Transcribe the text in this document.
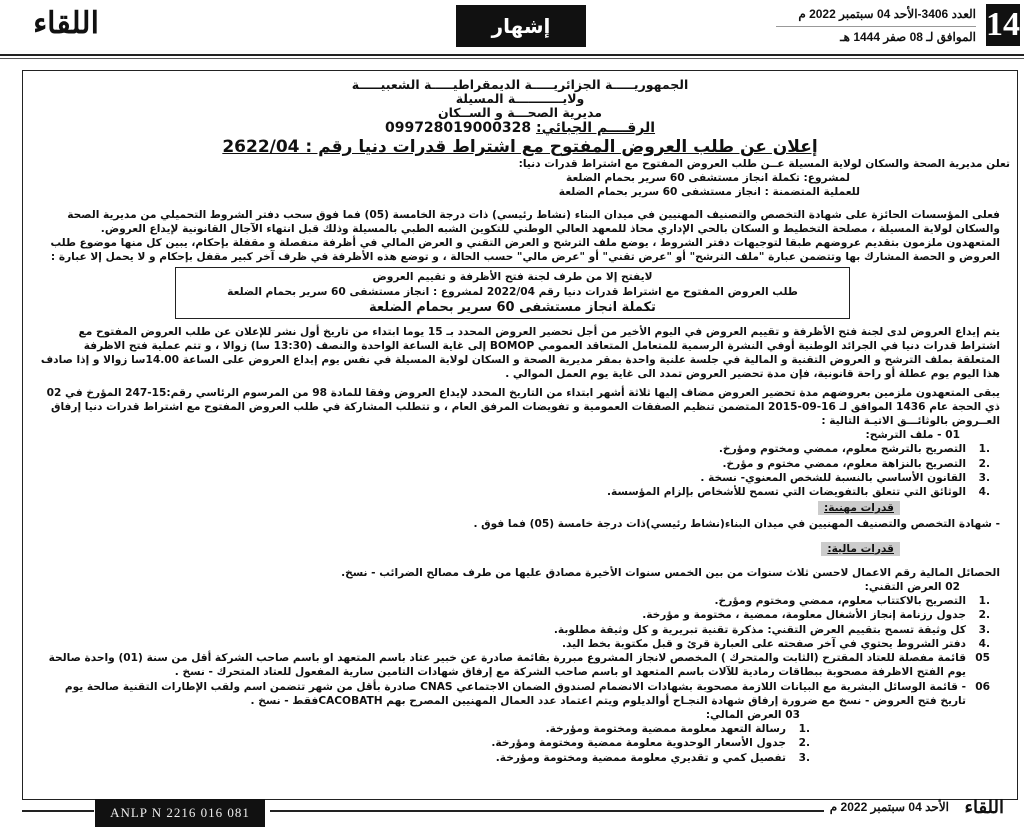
14
العدد 3406-الأحد 04 سبتمبر 2022 م
الموافق لـ 08 صفر 1444 هـ
إشهار
اللقاء
الجمهوريـــــة الجزائريـــــة الديمقراطيـــــة الشعبيـــــة
ولايـــــــــــة المسيلة
مديرية الصحـــة و الســكان
الرقــــم الجبائي: 099728019000328
إعلان عن طلب العروض المفتوح مع اشتراط قدرات دنيا رقم : 2622/04
تعلن مديرية الصحة والسكان لولاية المسيلة عــن طلب العروض المفتوح مع اشتراط قدرات دنيا:
لمشروع: تكملة انجاز مستشفى 60 سرير بحمام الضلعة
للعملية المتضمنة : انجاز مستشفى 60 سرير بحمام الضلعة
فعلى المؤسسات الحائزة على شهادة التخصص والتصنيف المهنيين في ميدان البناء (نشاط رئيسي) ذات درجة الخامسة (05) فما فوق سحب دفتر الشروط التحميلي من مديرية الصحة والسكان لولاية المسيلة ، مصلحة التخطيط و السكان بالحي الإداري محاذ للمعهد العالي الوطني للتكوين الشبه الطبي بالمسيلة وذلك قبل انتهاء الآجال القانونية لإيداع العروض.
المتعهدون ملزمون بتقديم عروضهم طبقا لتوجيهات دفتر الشروط ، يوضع ملف الترشح و العرض التقني و العرض المالي في أظرفة منفصلة و مقفلة بإحكام، يبين كل منها موضوع طلب العروض و الحصة المشارك بها وتتضمن عبارة "ملف الترشح" أو "عرض تقني" أو "عرض مالي" حسب الحالة ، و توضع هذه الأظرفة في ظرف آخر كبير مقفل بإحكام و لا يحمل إلا عبارة :
لايفتح إلا من طرف لجنة فتح الأظرفة و تقييم العروض
طلب العروض المفتوح مع اشتراط قدرات دنيا رقم 2022/04 لمشروع : انجاز مستشفى 60 سرير بحمام الضلعة
تكملة انجاز مستشفى 60 سرير بحمام الضلعة
يتم إيداع العروض لدى لجنة فتح الأظرفة و تقييم العروض في اليوم الأخير من أجل تحضير العروض المحدد بـ 15 يوما ابتداء من تاريخ أول نشر للإعلان عن طلب العروض المفتوح مع اشتراط قدرات دنيا في الجرائد الوطنية أوفي النشرة الرسمية للمتعامل المتعاقد العمومي BOMOP إلى غاية الساعة الواحدة والنصف (13:30 سا) زوالا ، و تتم عملية فتح الاظرفة المتعلقة بملف الترشح و العروض التقنية و المالية في جلسة علنية واحدة بمقر مديرية الصحة و السكان لولاية المسيلة في نفس يوم إيداع العروض على الساعة 14.00سا زوالا و إذا صادف هذا اليوم يوم عطلة أو راحة قانونية، فإن مدة تحضير العروض تمدد الى غاية يوم العمل الموالي .
يبقى المتعهدون ملزمين بعروضهم مدة تحضير العروض مضاف إليها ثلاثة أشهر ابتداء من التاريخ المحدد لإيداع العروض وفقا للمادة 98 من المرسوم الرئاسي رقم:15-247 المؤرخ في 02 ذي الحجة عام 1436 الموافق لـ 16-09-2015 المتضمن تنظيم الصفقات العمومية و تفويضات المرفق العام ، و تتطلب المشاركة في طلب العروض المفتوح مع اشتراط قدرات دنيا إرفاق العــروض بالوثائـــق الاتيـة التالية :
01 - ملف الترشح:
.1
التصريح بالترشح معلوم، ممضي ومختوم ومؤرخ.
.2
التصريح بالنزاهة معلوم، ممضي مختوم و مؤرخ.
.3
القانون الأساسي بالنسبة للشخص المعنوي- نسخة .
.4
الوثائق التي تتعلق بالتفويضات التي تسمح للأشخاص بإلزام المؤسسة.
قدرات مهنية:
- شهادة التخصص والتصنيف المهنيين في ميدان البناء(نشاط رئيسي)ذات درجة خامسة (05) فما فوق .
قدرات مالية:
الحصائل المالية رقم الاعمال لاحسن ثلاث سنوات من بين الخمس سنوات الأخيرة مصادق عليها من طرف مصالح الضرائب - نسخ.
02 العرض التقني:
.1
التصريح بالاكتتاب معلوم، ممضي ومختوم ومؤرخ.
.2
جدول رزنامة إنجاز الأشغال معلومة، ممضية ، مختومة و مؤرخة.
.3
كل وثيقة تسمح بتقييم العرض التقني: مذكرة تقنية تبريرية و كل وثيقة مطلوبة.
.4
دفتر الشروط يحتوي في آخر صفحته على العبارة قرئ و قبل مكتوبة بخط اليد.
05
قائمة مفصلة للعتاد المقترح (الثابت والمتحرك ) المخصص لانجاز المشروع مبررة بقائمة صادرة عن خبير عتاد باسم المتعهد او باسم صاحب الشركة أقل من سنة (01) واحدة صالحة يوم الفتح الاظرفة مصحوبة ببطاقات رمادية للآلات باسم المتعهد او باسم صاحب الشركة مع إرفاق شهادات التامين سارية المفعول للعتاد المتحرك - نسخ .
06
- قائمة الوسائل البشرية مع البيانات اللازمة مصحوبة بشهادات الانضمام لصندوق الضمان الاجتماعي CNAS صادرة بأقل من شهر تتضمن اسم ولقب الإطارات التقنية صالحة يوم تاريخ فتح العروض - نسخ مع ضرورة إرفاق شهادة النجـاح أوالديلوم ويتم اعتماد عدد العمال المهنيين المصرح بهم CACOBATHفقط - نسخ .
03 العرض المالي:
.1
رسالة التعهد معلومة ممضية ومختومة ومؤرخة.
.2
جدول الأسعار الوحدوية معلومة ممضية ومختومة ومؤرخة.
.3
تفصيل كمي و تقديري معلومة ممضية ومختومة ومؤرخة.
ANLP N 2216 016 081	الأحد 04 سبتمبر 2022 م اللقاء
